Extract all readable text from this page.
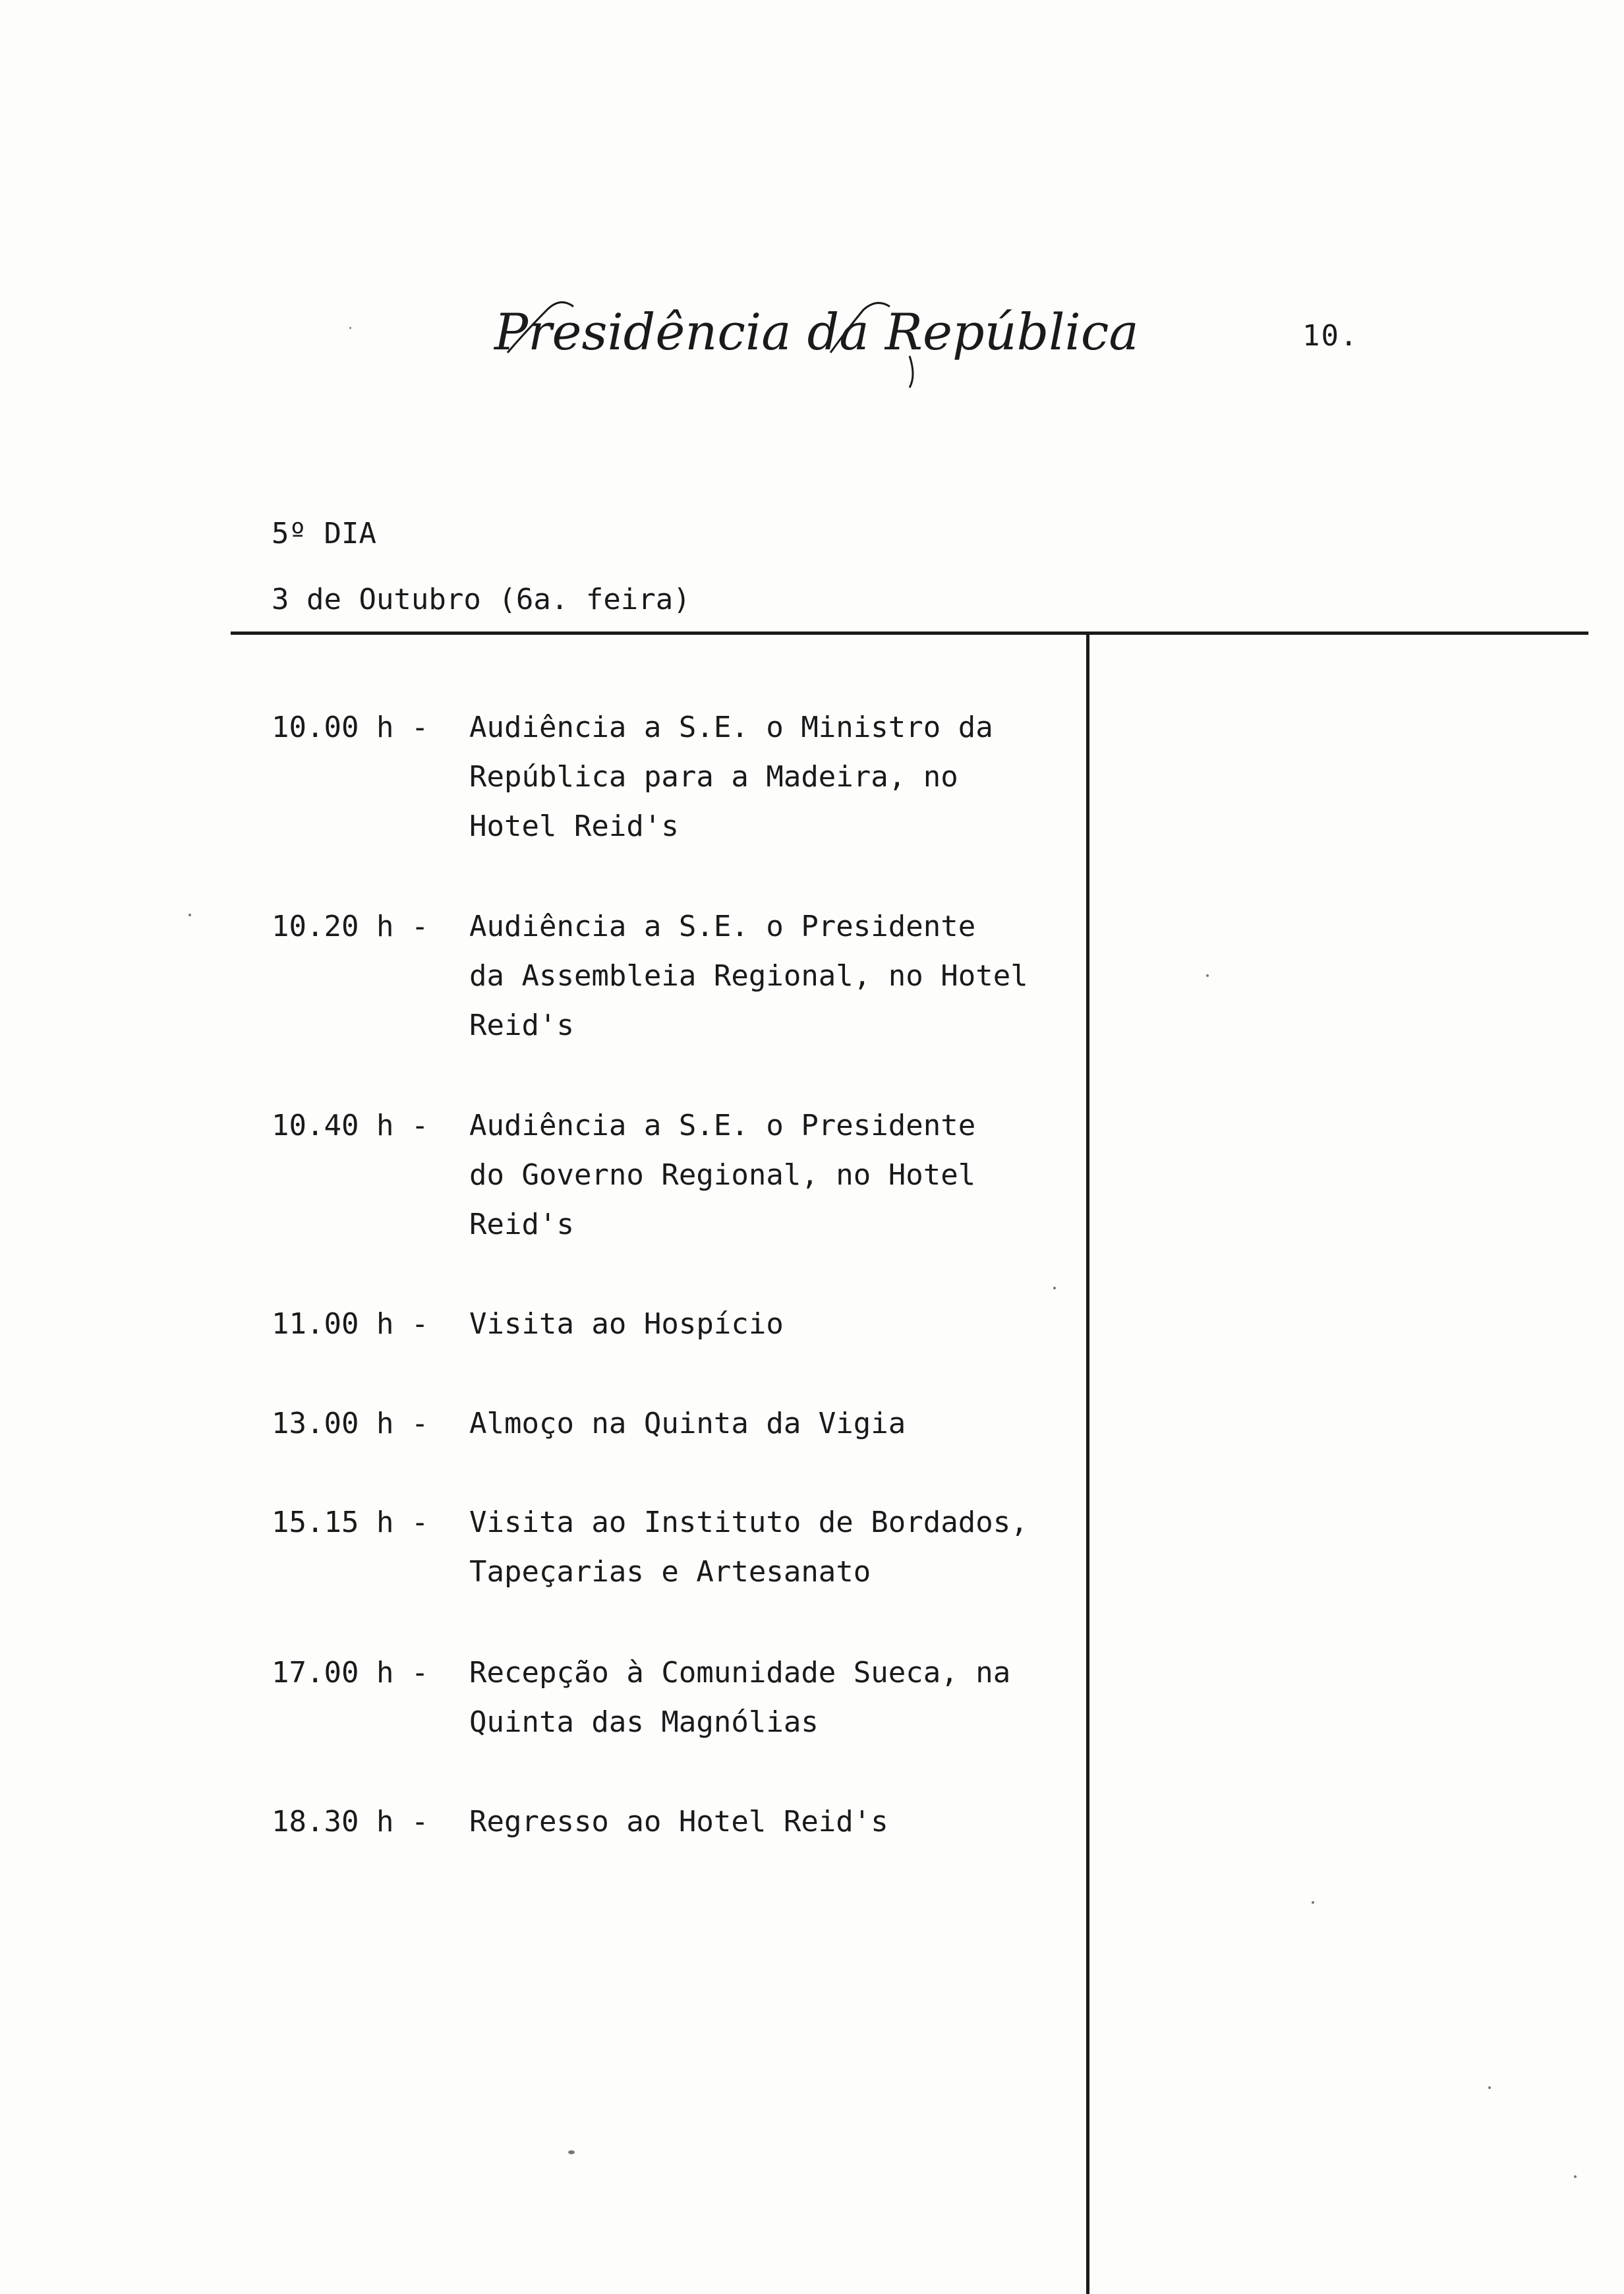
Presidência da República	10.
5º DIA
3 de Outubro (6a. feira)
10.00 h -	Audiência a S.E. o Ministro da
República para a Madeira, no
Hotel Reid's
10.20 h -	Audiência a S.E. o Presidente
da Assembleia Regional, no Hotel
Reid's
10.40 h -	Audiência a S.E. o Presidente
do Governo Regional, no Hotel
Reid's
11.00 h -	Visita ao Hospício
13.00 h -	Almoço na Quinta da Vigia
15.15 h -	Visita ao Instituto de Bordados,
Tapeçarias e Artesanato
17.00 h -	Recepção à Comunidade Sueca, na
Quinta das Magnólias
18.30 h -	Regresso ao Hotel Reid's
